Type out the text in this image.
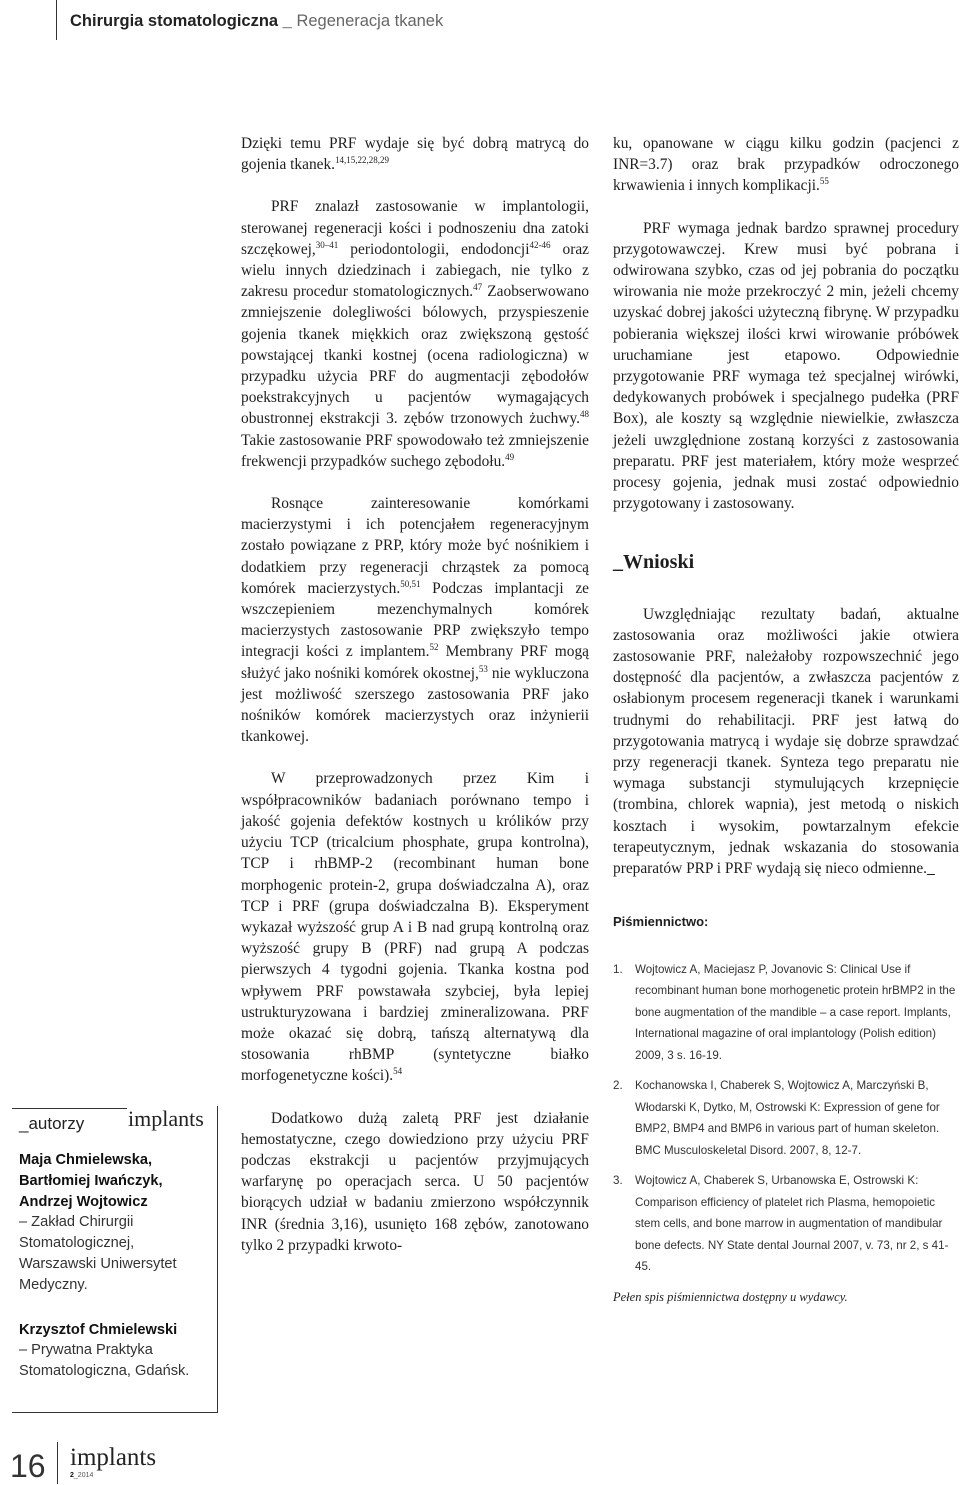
Chirurgia stomatologiczna _ Regeneracja tkanek

Dzięki temu PRF wydaje się być dobrą matrycą do gojenia tkanek.$^{14,15,22,28,29}$

PRF znalazł zastosowanie w implantologii, sterowanej regeneracji kości i podnoszeniu dna zatoki szczękowej,$^{30-41}$ periodontologii, endodoncji$^{42-46}$ oraz wielu innych dziedzinach i zabiegach, nie tylko z zakresu procedur stomatologicznych.$^{47}$ Zaobserwowano zmniejszenie dolegliwości bólowych, przyspieszenie gojenia tkanek miękkich oraz zwiększoną gęstość powstającej tkanki kostnej (ocena radiologiczna) w przypadku użycia PRF do augmentacji zębodołów poekstrakcyjnych u pacjentów wymagających obustronnej ekstrakcji 3. zębów trzonowych żuchwy.$^{48}$ Takie zastosowanie PRF spowodowało też zmniejszenie frekwencji przypadków suchego zębodołu.$^{49}$

Rosnące zainteresowanie komórkami macierzystymi i ich potencjałem regeneracyjnym zostało powiązane z PRP, który może być nośnikiem i dodatkiem przy regeneracji chrząstek za pomocą komórek macierzystych.$^{50,51}$ Podczas implantacji ze wszczepieniem mezenchymalnych komórek macierzystych zastosowanie PRP zwiększyło tempo integracji kości z implantem.$^{52}$ Membrany PRF mogą służyć jako nośniki komórek okostnej,$^{53}$ nie wykluczona jest możliwość szerszego zastosowania PRF jako nośników komórek macierzystych oraz inżynierii tkankowej.

W przeprowadzonych przez Kim i współpracowników badaniach porównano tempo i jakość gojenia defektów kostnych u królików przy użyciu TCP (tricalcium phosphate, grupa kontrolna), TCP i rhBMP-2 (recombinant human bone morphogenic protein-2, grupa doświadczalna A), oraz TCP i PRF (grupa doświadczalna B). Eksperyment wykazał wyższość grup A i B nad grupą kontrolną oraz wyższość grupy B (PRF) nad grupą A podczas pierwszych 4 tygodni gojenia. Tkanka kostna pod wpływem PRF powstawała szybciej, była lepiej ustrukturyzowana i bardziej zmineralizowana. PRF może okazać się dobrą, tańszą alternatywą dla stosowania rhBMP (syntetyczne białko morfogenetyczne kości).$^{54}$

Dodatkowo dużą zaletą PRF jest działanie hemostatyczne, czego dowiedziono przy użyciu PRF podczas ekstrakcji u pacjentów przyjmujących warfarynę po operacjach serca. U 50 pacjentów biorących udział w badaniu zmierzono współczynnik INR (średnia 3,16), usunięto 168 zębów, zanotowano tylko 2 przypadki krwoto-

ku, opanowane w ciągu kilku godzin (pacjenci z INR=3.7) oraz brak przypadków odroczonego krwawienia i innych komplikacji.$^{55}$

PRF wymaga jednak bardzo sprawnej procedury przygotowawczej. Krew musi być pobrana i odwirowana szybko, czas od jej pobrania do początku wirowania nie może przekroczyć 2 min, jeżeli chcemy uzyskać dobrej jakości użyteczną fibrynę. W przypadku pobierania większej ilości krwi wirowanie próbówek uruchamiane jest etapowo. Odpowiednie przygotowanie PRF wymaga też specjalnej wirówki, dedykowanych probówek i specjalnego pudełka (PRF Box), ale koszty są względnie niewielkie, zwłaszcza jeżeli uwzględnione zostaną korzyści z zastosowania preparatu. PRF jest materiałem, który może wesprzeć procesy gojenia, jednak musi zostać odpowiednio przygotowany i zastosowany.

_Wnioski

Uwzględniając rezultaty badań, aktualne zastosowania oraz możliwości jakie otwiera zastosowanie PRF, należałoby rozpowszechnić jego dostępność dla pacjentów, a zwłaszcza pacjentów z osłabionym procesem regeneracji tkanek i warunkami trudnymi do rehabilitacji. PRF jest łatwą do przygotowania matrycą i wydaje się dobrze sprawdzać przy regeneracji tkanek. Synteza tego preparatu nie wymaga substancji stymulujących krzepnięcie (trombina, chlorek wapnia), jest metodą o niskich kosztach i wysokim, powtarzalnym efekcie terapeutycznym, jednak wskazania do stosowania preparatów PRP i PRF wydają się nieco odmienne._

Piśmiennictwo:
1. Wojtowicz A, Maciejasz P, Jovanovic S: Clinical Use if recombinant human bone morhogenetic protein hrBMP2 in the bone augmentation of the mandible – a case report. Implants, International magazine of oral implantology (Polish edition) 2009, 3 s. 16-19.
2. Kochanowska I, Chaberek S, Wojtowicz A, Marczyński B, Włodarski K, Dytko, M, Ostrowski K: Expression of gene for BMP2, BMP4 and BMP6 in various part of human skeleton. BMC Musculoskeletal Disord. 2007, 8, 12-7.
3. Wojtowicz A, Chaberek S, Urbanowska E, Ostrowski K: Comparison efficiency of platelet rich Plasma, hemopoietic stem cells, and bone marrow in augmentation of mandibular bone defects. NY State dental Journal 2007, v. 73, nr 2, s 41-45.
Pełen spis piśmiennictwa dostępny u wydawcy.
_autorzy implants
Maja Chmielewska, Bartłomiej Iwańczyk, Andrzej Wojtowicz
– Zakład Chirurgii Stomatologicznej, Warszawski Uniwersytet Medyczny.
Krzysztof Chmielewski
– Prywatna Praktyka Stomatologiczna, Gdańsk.
16 implants
2_2014
